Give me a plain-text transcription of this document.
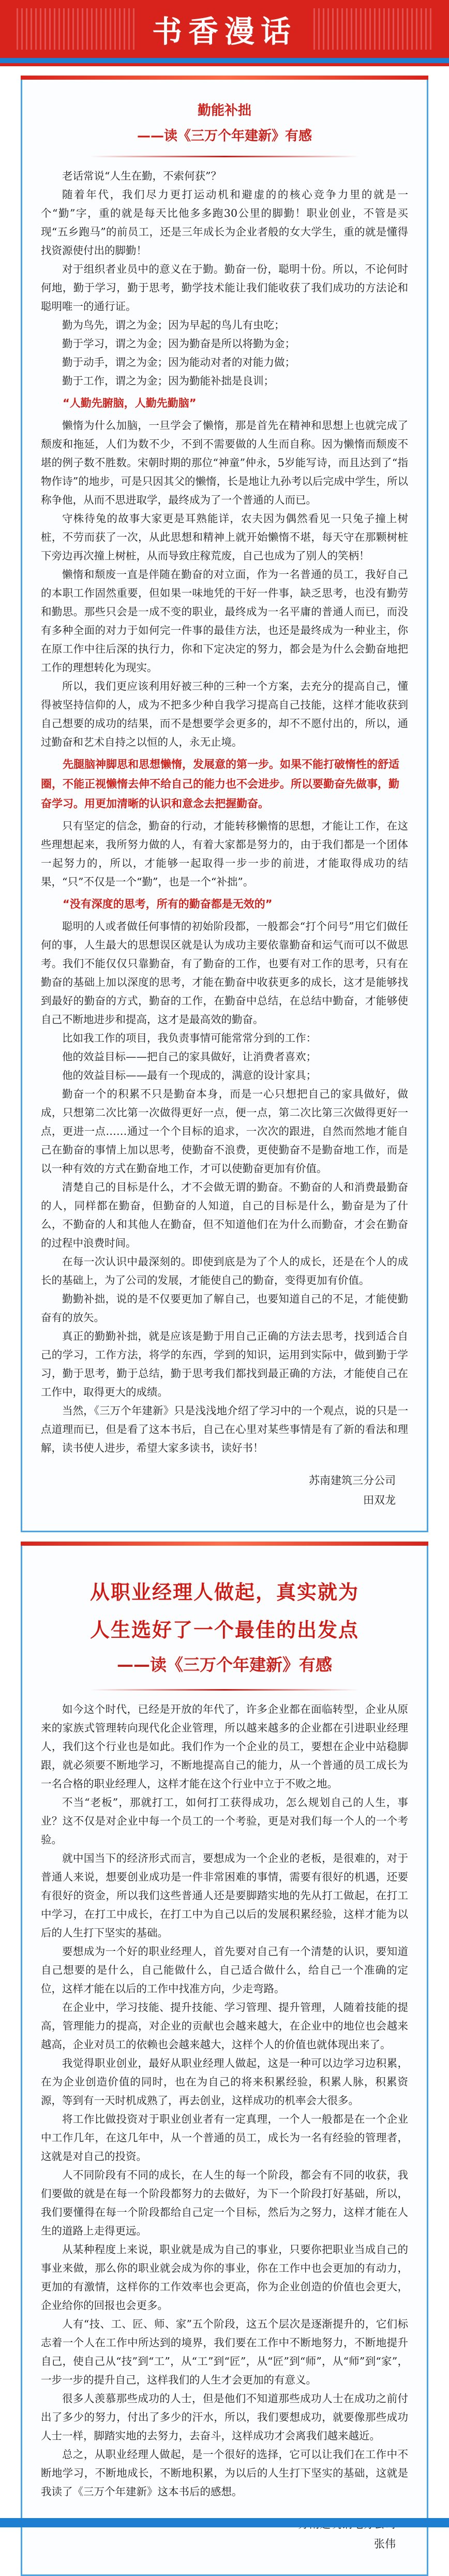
书香漫话
勤能补拙
——读《三万个年建新》有感

老话常说“人生在勤，不索何获”？

随着年代，我们尽力更打运动机和避虚的的核心竞争力里的就是一个“勤”字，重的就是每天比他多多跑30公里的脚勤！职业创业，不管是买现“五乡跑马”的前员工，还是三年成长为企业者般的女大学生，重的就是懂得找资源使付出的脚勤！

对于组织者业员中的意义在于勤。勤奋一份，聪明十份。所以，不论何时何地，勤于学习，勤于思考，勤学技术能让我们能收获了我们成功的方法论和聪明唯一的通行证。

勤为鸟先，谓之为金；因为早起的鸟儿有虫吃；

勤于学习，谓之为金；因为勤奋是所以将勤为金；

勤于动手，谓之为金；因为能动对者的对能力做；

勤于工作，谓之为金；因为勤能补拙是良训；

“人勤先腑脑，人勤先勤脑”

懒惰为什么加脑，一旦学会了懒惰，那是首先在精神和思想上也就完成了颓废和拖延，人们为数不少，不到不需要做的人生而自称。因为懒惰而颓废不堪的例子数不胜数。宋朝时期的那位“神童”仲永，5岁能写诗，而且达到了“指物作诗”的地步，可是只因其父的懒惰，长是地让九孙考以后完成中学生，所以称争他，从而不思进取学，最终成为了一个普通的人而已。

守株待兔的故事大家更是耳熟能详，农夫因为偶然看见一只兔子撞上树桩，不劳而获了一次，从此思想和精神上就开始懒惰不堪，每天守在那颗树桩下旁边再次撞上树桩，从而导致庄稼荒废，自己也成为了别人的笑柄！

懒惰和颓废一直是伴随在勤奋的对立面，作为一名普通的员工，我好自己的本职工作固然重要，但如果一味地凭的干好一件事，缺乏思考，也没有勤劳和勤思。那些只会是一成不变的职业，最终成为一名平庸的普通人而已，而没有多种全面的对力于如何完一件事的最佳方法，也还是最终成为一种业主，你在原工作中往后深的执行力，你和下定决定的努力，都会是为什么会勤奋地把工作的理想转化为现实。

所以，我们更应该利用好被三种的三种一个方案，去充分的提高自己，懂得被坚持信仰的人，成为不把多少种自我学习提高自己技能，这样才能收获到自己想要的成功的结果，而不是想要学会更多的，却不不愿付出的，所以，通过勤奋和艺术自持之以恒的人，永无止境。

先腿脑神脚思和思想懒惰，发展意的第一步。如果不能打破惰性的舒适圈，不能正视懒惰去伸不给自己的能力也不会进步。所以要勤奋先做事，勤奋学习。用更加清晰的认识和意念去把握勤奋。

只有坚定的信念，勤奋的行动，才能转移懒惰的思想，才能让工作，在这些理想起来，我所努力做的人，有着大家都是努力的，由于我们都是一个团体一起努力的，所以，才能够一起取得一步一步的前进，才能取得成功的结果，“只”不仅是一个“勤”，也是一个“补拙”。

“没有深度的思考，所有的勤奋都是无效的”

聪明的人或者做任何事情的初始阶段都，一般都会“打个问号”用它们做任何的事，人生最大的思想误区就是认为成功主要依靠勤奋和运气而可以不做思考。我们不能仅仅只靠勤奋，有了勤奋的工作，也要有对工作的思考，只有在勤奋的基础上加以深度的思考，才能在勤奋中收获更多的成长，这才是能够找到最好的勤奋的方式，勤奋的工作，在勤奋中总结，在总结中勤奋，才能够使自己不断地进步和提高，这才是最高效的勤奋。

比如我工作的项目，我负责事情可能常常分到的工作：

他的效益目标——把自己的家具做好，让消费者喜欢；

他的效益目标——最有一个现成的，满意的设计家具；

勤奋一个的积累不只是勤奋本身，而是一心只想把自己的家具做好，做成，只想第二次比第一次做得更好一点，便一点，第二次比第三次做得更好一点，更进一点……通过一个个目标的追求，一次次的跟进，自然而然地才能自己在勤奋的事情上加以思考，使勤奋不浪费，更使勤奋不是勤奋地工作，而是以一种有效的方式在勤奋地工作，才可以使勤奋更加有价值。

清楚自己的目标是什么，才不会做无谓的勤奋。不勤奋的人和消费最勤奋的人，同样都在勤奋，但勤奋的人知道，自己的目标是什么，勤奋是为了什么，不勤奋的人和其他人在勤奋，但不知道他们在为什么而勤奋，才会在勤奋的过程中浪费时间。

在每一次认识中最深刻的。即使到底是为了个人的成长，还是在个人的成长的基础上，为了公司的发展，才能使自己的勤奋，变得更加有价值。

勤勤补拙，说的是不仅要更加了解自己，也要知道自己的不足，才能使勤奋有的放矢。

真正的勤勤补拙，就是应该是勤于用自己正确的方法去思考，找到适合自己的学习，工作方法，将学的东西，学到的知识，运用到实际中，做到勤于学习，勤于思考，勤于总结，勤于思考我们都找到最正确的方法，才能使自己在工作中，取得更大的成绩。

当然，《三万个年建新》只是浅浅地介绍了学习中的一个观点，说的只是一点道理而已，但是看了这本书后，自己在心里对某些事情是有了新的看法和理解，读书使人进步，希望大家多读书，读好书！

苏南建筑三分公司

田双龙

从职业经理人做起，真实就为
人生选好了一个最佳的出发点
——读《三万个年建新》有感

如今这个时代，已经是开放的年代了，许多企业都在面临转型，企业从原来的家族式管理转向现代化企业管理，所以越来越多的企业都在引进职业经理人，我们这个行业也是如此。我们作为一个企业的员工，要想在企业中站稳脚跟，就必须要不断地学习，不断地提高自己的能力，从一个普通的员工成长为一名合格的职业经理人，这样才能在这个行业中立于不败之地。

不当“老板”，那就打工，如何打工获得成功，怎么规划自己的人生，事业？这不仅是对企业中每一个员工的一个考验，更是对我们每一个人的一个考验。

就中国当下的经济形式而言，要想成为一个企业的老板，是很难的，对于普通人来说，想要创业成功是一件非常困难的事情，需要有很好的机遇，还要有很好的资金，所以我们这些普通人还是要脚踏实地的先从打工做起，在打工中学习，在打工中成长，在打工中为自己以后的发展积累经验，这样才能为以后的人生打下坚实的基础。

要想成为一个好的职业经理人，首先要对自己有一个清楚的认识，要知道自己想要的是什么，自己能做什么，自己适合做什么，给自己一个准确的定位，这样才能在以后的工作中找准方向，少走弯路。

在企业中，学习技能、提升技能、学习管理、提升管理，人随着技能的提高，管理能力的提高，对企业的贡献也会越来越大，在企业中的地位也会越来越高，企业对员工的依赖也会越来越大，这样个人的价值也就体现出来了。

我觉得职业创业，最好从职业经理人做起，这是一种可以边学习边积累，在为企业创造价值的同时，也在为自己的将来积累经验，积累人脉，积累资源，等到有一天时机成熟了，再去创业，这样成功的机率会大很多。

将工作比做投资对于职业创业者有一定真理，一个人一般都是在一个企业中工作几年，在这几年中，从一个普通的员工，成长为一名有经验的管理者，这就是对自己的投资。

人不同阶段有不同的成长，在人生的每一个阶段，都会有不同的收获，我们要做的就是在每一个阶段都努力的去做好，为下一个阶段打好基础，所以，我们要懂得在每一个阶段都给自己定一个目标，然后为之努力，这样才能在人生的道路上走得更远。

从某种程度上来说，职业就是成为自己的事业，只要你把职业当成自己的事业来做，那么你的职业就会成为你的事业，你在工作中也会更加的有动力，更加的有激情，这样你的工作效率也会更高，你为企业创造的价值也会更大，企业给你的回报也会更多。

人有“技、工、匠、师、家”五个阶段，这五个层次是逐渐提升的，它们标志着一个人在工作中所达到的境界，我们要在工作中不断地努力，不断地提升自己，使自己从“技”到“工”，从“工”到“匠”，从“匠”到“师”，从“师”到“家”，一步一步的提升自己，这样我们的人生才会更加的有意义。

很多人羡慕那些成功的人士，但是他们不知道那些成功人士在成功之前付出了多少的努力，付出了多少的汗水，所以，我们要想成功，就要像那些成功人士一样，脚踏实地的去努力，去奋斗，这样成功才会离我们越来越近。

总之，从职业经理人做起，是一个很好的选择，它可以让我们在工作中不断地学习，不断地成长，不断地积累，为以后的人生打下坚实的基础，这就是我读了《三万个年建新》这本书后的感想。

张伟
